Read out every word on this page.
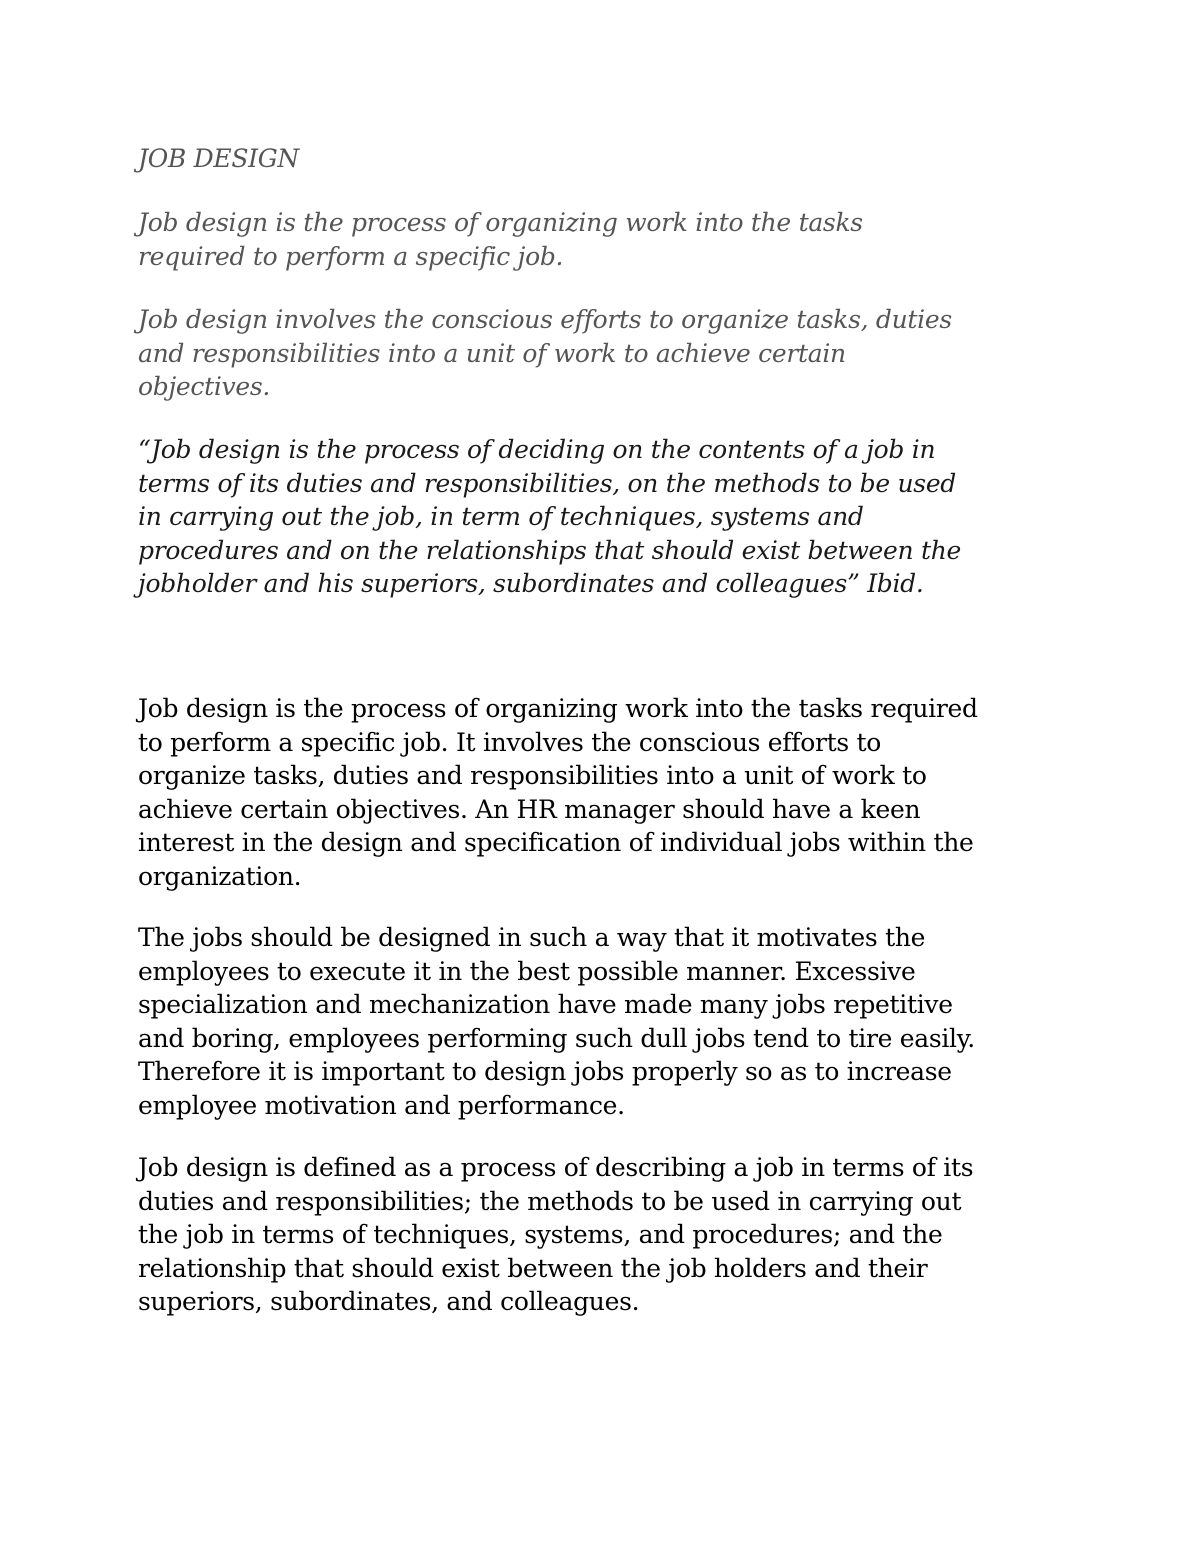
JOB DESIGN

Job design is the process of organizing work into the tasks
required to perform a specific job.

Job design involves the conscious efforts to organize tasks, duties
and responsibilities into a unit of work to achieve certain
objectives.

“Job design is the process of deciding on the contents of a job in
terms of its duties and responsibilities, on the methods to be used
in carrying out the job, in term of techniques, systems and
procedures and on the relationships that should exist between the
jobholder and his superiors, subordinates and colleagues” Ibid.

Job design is the process of organizing work into the tasks required
to perform a specific job. It involves the conscious efforts to
organize tasks, duties and responsibilities into a unit of work to
achieve certain objectives. An HR manager should have a keen
interest in the design and specification of individual jobs within the
organization.

The jobs should be designed in such a way that it motivates the
employees to execute it in the best possible manner. Excessive
specialization and mechanization have made many jobs repetitive
and boring, employees performing such dull jobs tend to tire easily.
Therefore it is important to design jobs properly so as to increase
employee motivation and performance.

Job design is defined as a process of describing a job in terms of its
duties and responsibilities; the methods to be used in carrying out
the job in terms of techniques, systems, and procedures; and the
relationship that should exist between the job holders and their
superiors, subordinates, and colleagues.
